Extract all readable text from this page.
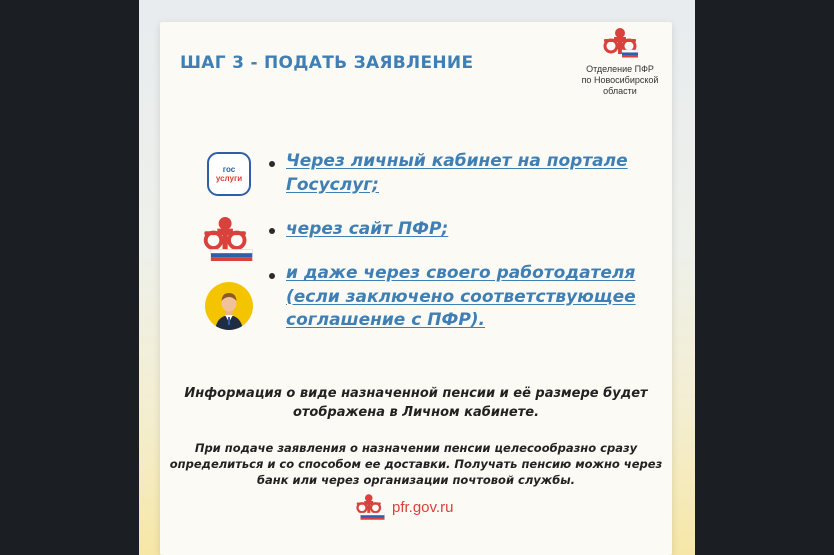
ШАГ 3 - ПОДАТЬ ЗАЯВЛЕНИЕ	Отделение ПФР
по Новосибирской
области
гос
услуги
Через личный кабинет на портале Госуслуг;
через сайт ПФР;
и даже через своего работодателя (если заключено соответствующее соглашение с ПФР).
Информация о виде назначенной пенсии и её размере будет отображена в Личном кабинете.
При подаче заявления о назначении пенсии целесообразно сразу определиться и со способом ее доставки. Получать пенсию можно через банк или через организации почтовой службы.
pfr.gov.ru
